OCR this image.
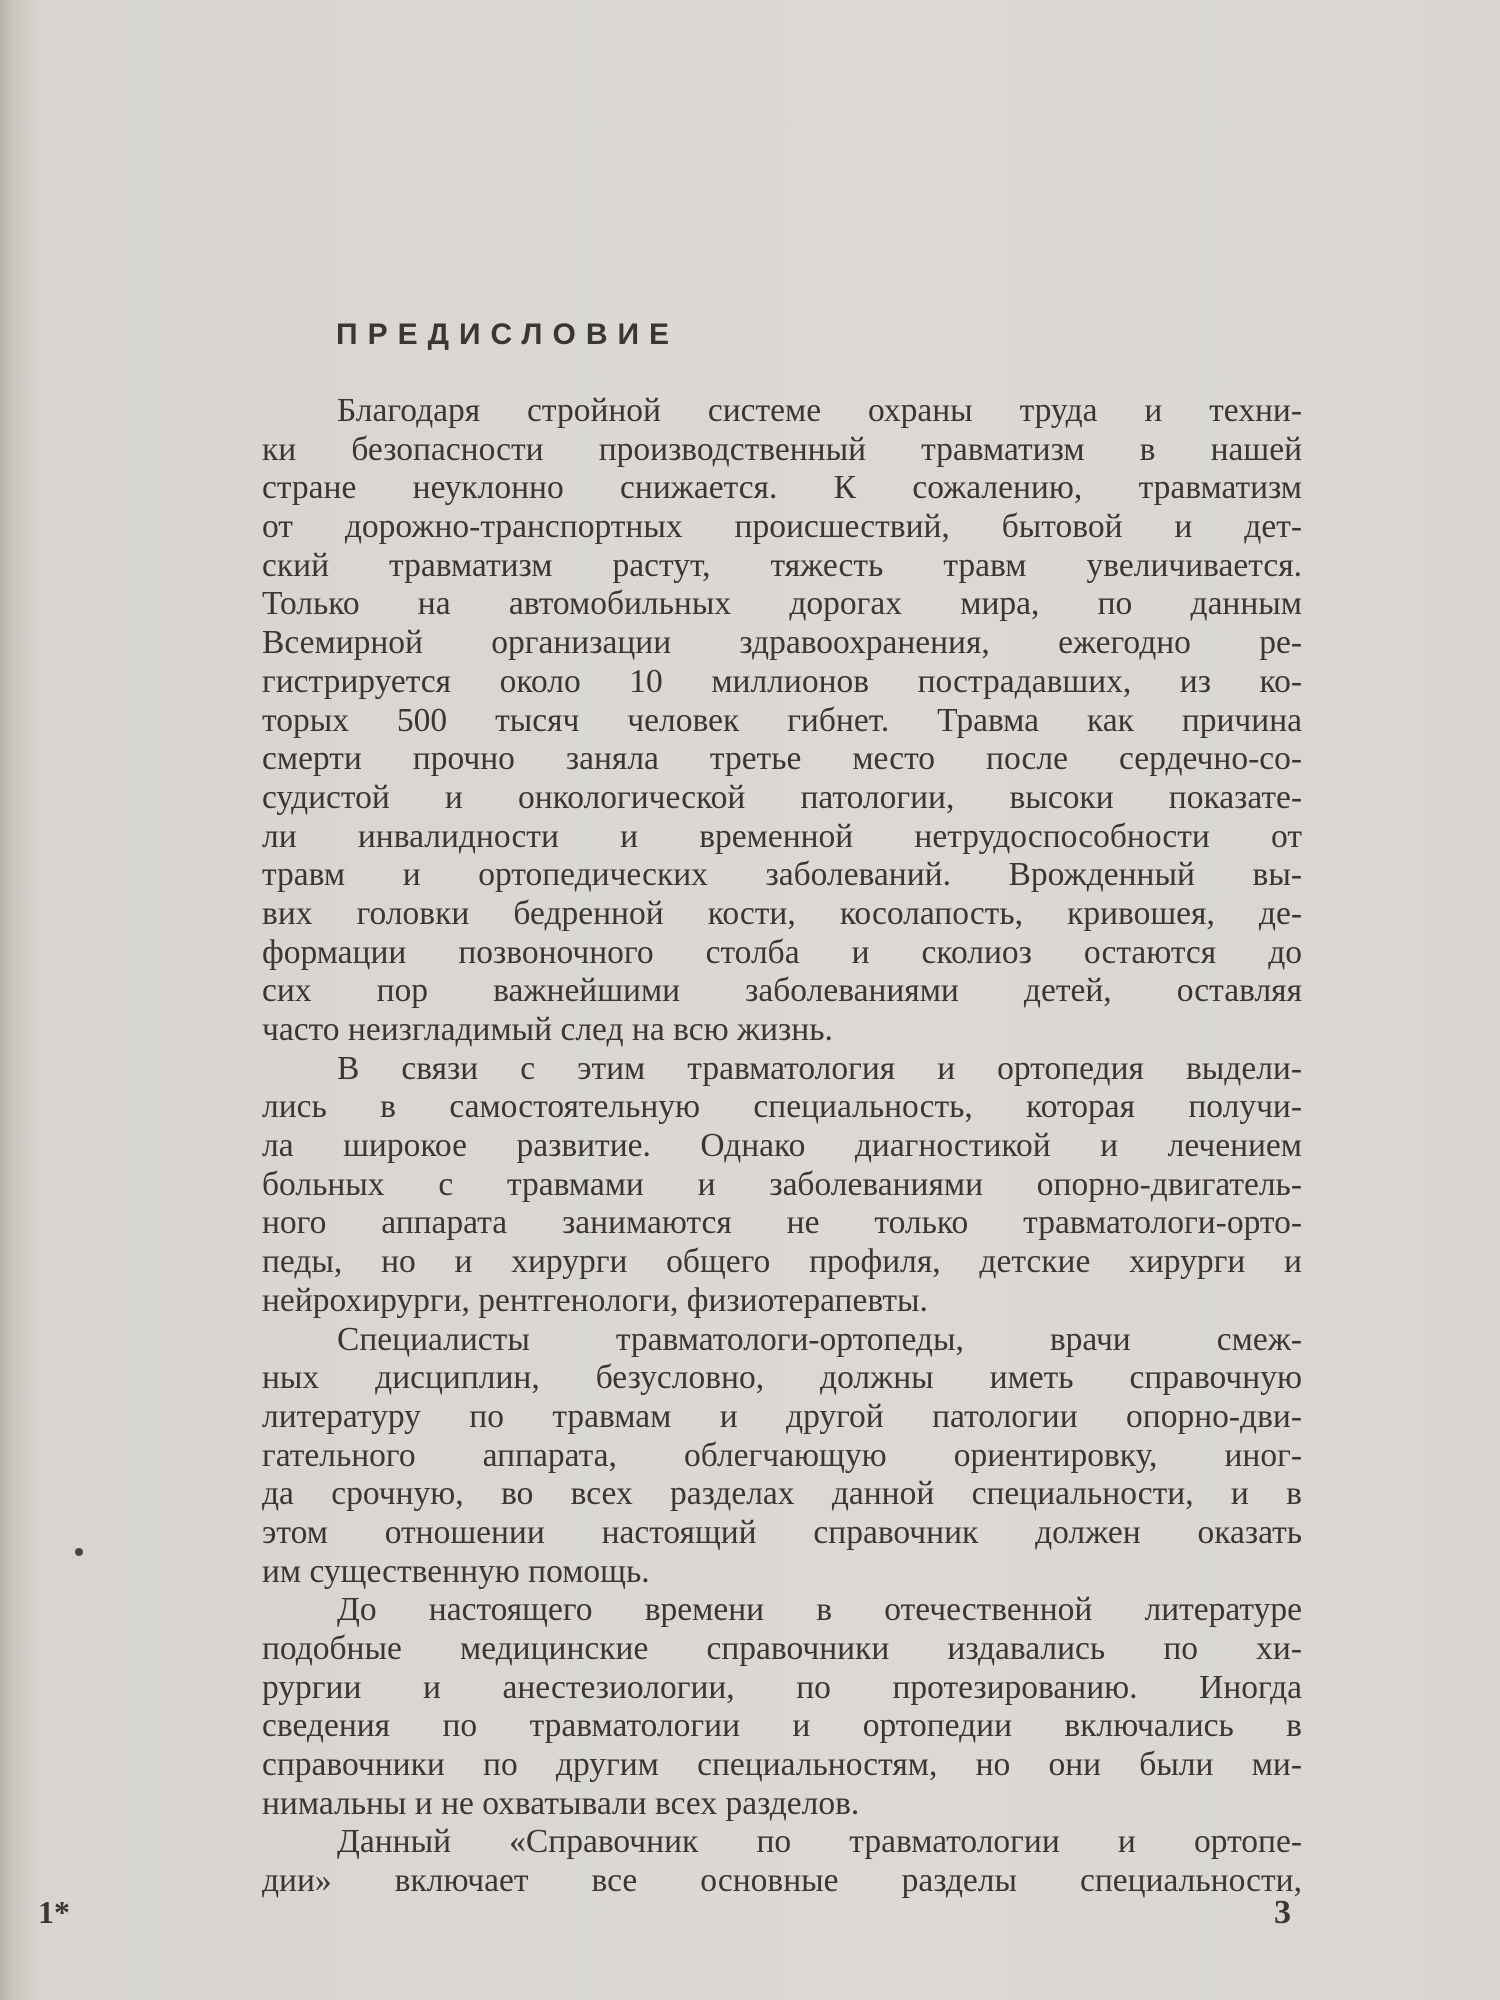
ПРЕДИСЛОВИЕ
Благодаря стройной системе охраны труда и техни-
ки безопасности производственный травматизм в нашей
стране неуклонно снижается. К сожалению, травматизм
от дорожно-транспортных происшествий, бытовой и дет-
ский травматизм растут, тяжесть травм увеличивается.
Только на автомобильных дорогах мира, по данным
Всемирной организации здравоохранения, ежегодно ре-
гистрируется около 10 миллионов пострадавших, из ко-
торых 500 тысяч человек гибнет. Травма как причина
смерти прочно заняла третье место после сердечно-со-
судистой и онкологической патологии, высоки показате-
ли инвалидности и временной нетрудоспособности от
травм и ортопедических заболеваний. Врожденный вы-
вих головки бедренной кости, косолапость, кривошея, де-
формации позвоночного столба и сколиоз остаются до
сих пор важнейшими заболеваниями детей, оставляя
часто неизгладимый след на всю жизнь.
В связи с этим травматология и ортопедия выдели-
лись в самостоятельную специальность, которая получи-
ла широкое развитие. Однако диагностикой и лечением
больных с травмами и заболеваниями опорно-двигатель-
ного аппарата занимаются не только травматологи-орто-
педы, но и хирурги общего профиля, детские хирурги и
нейрохирурги, рентгенологи, физиотерапевты.
Специалисты травматологи-ортопеды, врачи смеж-
ных дисциплин, безусловно, должны иметь справочную
литературу по травмам и другой патологии опорно-дви-
гательного аппарата, облегчающую ориентировку, иног-
да срочную, во всех разделах данной специальности, и в
этом отношении настоящий справочник должен оказать
им существенную помощь.
До настоящего времени в отечественной литературе
подобные медицинские справочники издавались по хи-
рургии и анестезиологии, по протезированию. Иногда
сведения по травматологии и ортопедии включались в
справочники по другим специальностям, но они были ми-
нимальны и не охватывали всех разделов.
Данный «Справочник по травматологии и ортопе-
дии» включает все основные разделы специальности,
1*	3
